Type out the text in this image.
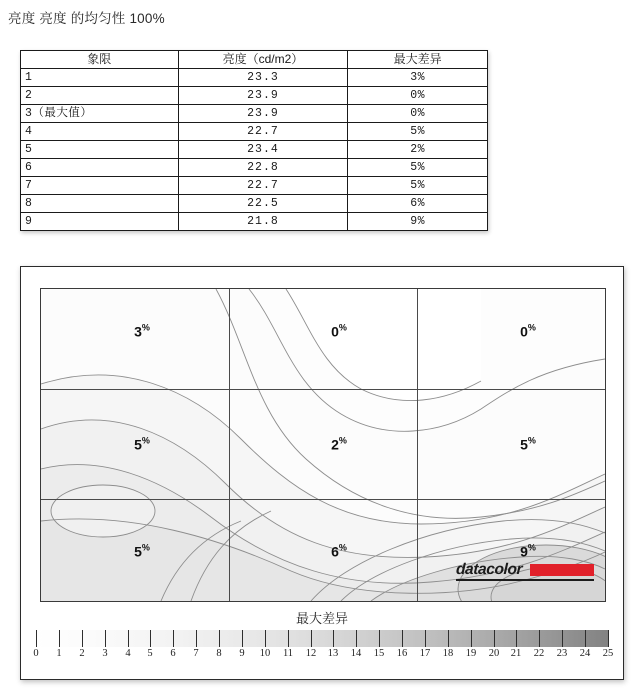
亮度 亮度 的均匀性 100%
象限	亮度（cd/m2）	最大差异
1	23.3	3%
2	23.9	0%
3（最大值）	23.9	0%
4	22.7	5%
5	23.4	2%
6	22.8	5%
7	22.7	5%
8	22.5	6%
9	21.8	9%
3%	0%	0%
5%	2%	5%
5%	6%	9%
datacolor
最大差异
0 1 2 3 4 5 6 7 8 9 10 11 12 13 14 15 16 17 18 19 20 21 22 23 24 25
